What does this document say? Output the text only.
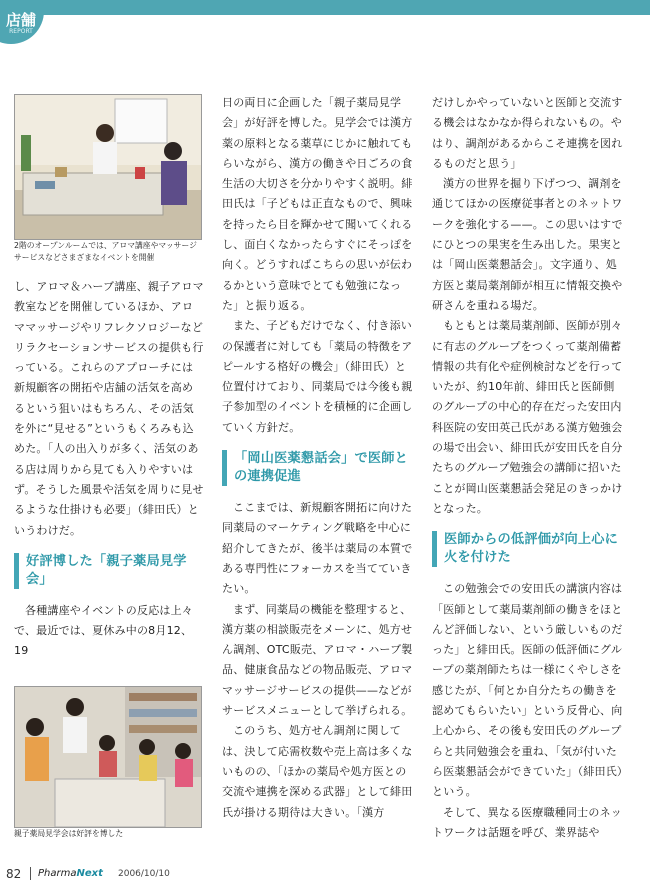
店舗
REPORT
2階のオープンルームでは、アロマ講座やマッサージサービスなどさまざまなイベントを開催
親子薬局見学会は好評を博した

し、アロマ＆ハーブ講座、親子アロマ教室などを開催しているほか、アロママッサージやリフレクソロジーなどリラクセーションサービスの提供も行っている。これらのアプローチには新規顧客の開拓や店舗の活気を高めるという狙いはもちろん、その活気を外に“見せる”というもくろみも込めた。「人の出入りが多く、活気のある店は周りから見ても入りやすいはず。そうした風景や活気を周りに見せるような仕掛けも必要」（緋田氏）というわけだ。

好評博した「親子薬局見学会」

各種講座やイベントの反応は上々で、最近では、夏休み中の8月12、19

日の両日に企画した「親子薬局見学会」が好評を博した。見学会では漢方薬の原料となる薬草にじかに触れてもらいながら、漢方の働きや日ごろの食生活の大切さを分かりやすく説明。緋田氏は「子どもは正直なもので、興味を持ったら目を輝かせて聞いてくれるし、面白くなかったらすぐにそっぽを向く。どうすればこちらの思いが伝わるかという意味でとても勉強になった」と振り返る。

また、子どもだけでなく、付き添いの保護者に対しても「薬局の特徴をアピールする格好の機会」（緋田氏）と位置付けており、同薬局では今後も親子参加型のイベントを積極的に企画していく方針だ。

「岡山医薬懇話会」で医師との連携促進

ここまでは、新規顧客開拓に向けた同薬局のマーケティング戦略を中心に紹介してきたが、後半は薬局の本質である専門性にフォーカスを当てていきたい。

まず、同薬局の機能を整理すると、漢方薬の相談販売をメーンに、処方せん調剤、OTC販売、アロマ・ハーブ製品、健康食品などの物品販売、アロママッサージサービスの提供——などがサービスメニューとして挙げられる。

このうち、処方せん調剤に関しては、決して応需枚数や売上高は多くないものの、「ほかの薬局や処方医との交流や連携を深める武器」として緋田氏が掛ける期待は大きい。「漢方

だけしかやっていないと医師と交流する機会はなかなか得られないもの。やはり、調剤があるからこそ連携を図れるものだと思う」

漢方の世界を掘り下げつつ、調剤を通じてほかの医療従事者とのネットワークを強化する——。この思いはすでにひとつの果実を生み出した。果実とは「岡山医薬懇話会」。文字通り、処方医と薬局薬剤師が相互に情報交換や研さんを重ねる場だ。

もともとは薬局薬剤師、医師が別々に有志のグループをつくって薬剤備蓄情報の共有化や症例検討などを行っていたが、約10年前、緋田氏と医師側のグループの中心的存在だった安田内科医院の安田英己氏がある漢方勉強会の場で出会い、緋田氏が安田氏を自分たちのグループ勉強会の講師に招いたことが岡山医薬懇話会発足のきっかけとなった。

医師からの低評価が向上心に火を付けた

この勉強会での安田氏の講演内容は「医師として薬局薬剤師の働きをほとんど評価しない、という厳しいものだった」と緋田氏。医師の低評価にグループの薬剤師たちは一様にくやしさを感じたが、「何とか自分たちの働きを認めてもらいたい」という反骨心、向上心から、その後も安田氏のグループらと共同勉強会を重ね、「気が付いたら医薬懇話会ができていた」（緋田氏）という。

そして、異なる医療職種同士のネットワークは話題を呼び、業界誌や

82 PharmaNext 2006/10/10
